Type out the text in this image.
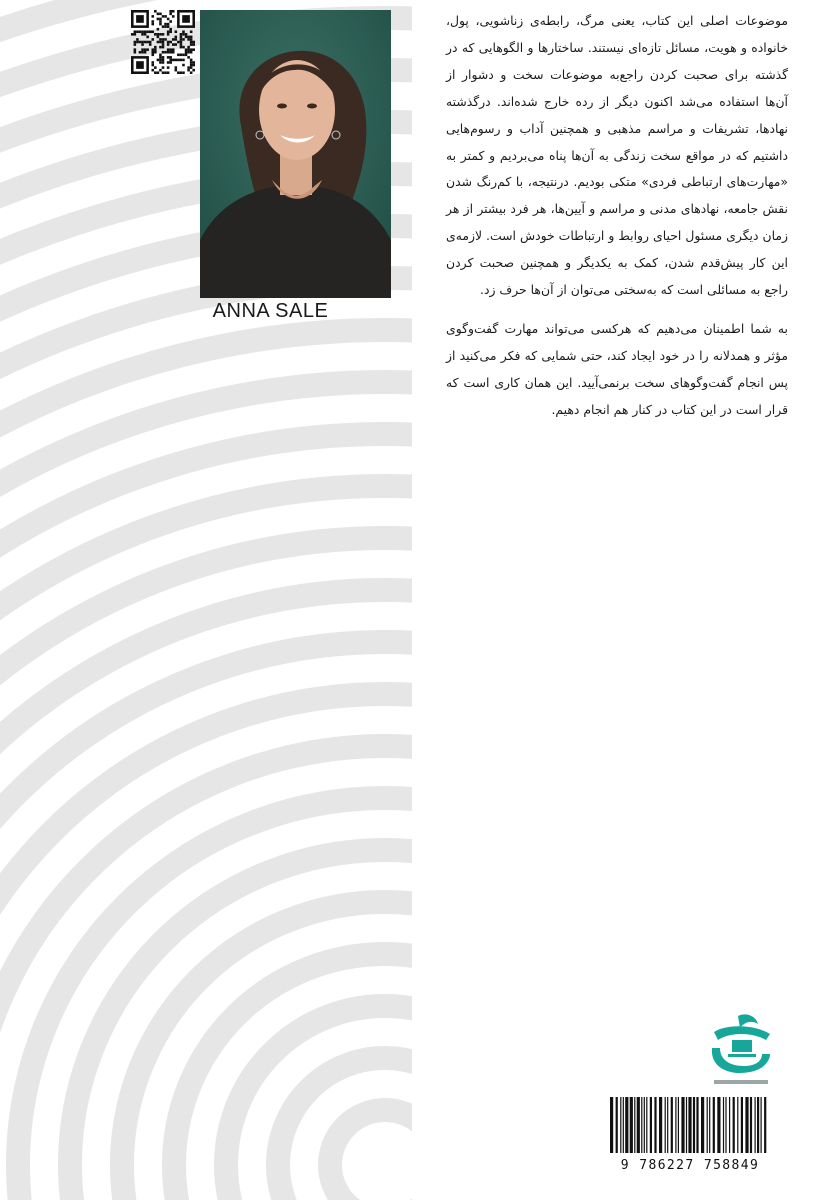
ANNA SALE

موضوعات اصلی این کتاب، یعنی مرگ، رابطه‌ی زناشویی، پول، خانواده و هویت، مسائل تازه‌ای نیستند. ساختارها و الگوهایی که در گذشته برای صحبت کردن راجع‌به موضوعات سخت و دشوار از آن‌ها استفاده می‌شد اکنون دیگر از رده خارج شده‌اند. درگذشته نهادها، تشریفات و مراسم مذهبی و همچنین آداب و رسوم‌هایی داشتیم که در مواقع سخت زندگی به آن‌ها پناه می‌بردیم و کمتر به «مهارت‌های ارتباطی فردی» متکی بودیم. درنتیجه، با کم‌رنگ شدن نقش جامعه، نهادهای مدنی و مراسم و آیین‌ها، هر فرد بیشتر از هر زمان دیگری مسئول احیای روابط و ارتباطات خودش است. لازمه‌ی این کار پیش‌قدم شدن، کمک به یکدیگر و همچنین صحبت کردن راجع به مسائلی است که به‌سختی می‌توان از آن‌ها حرف زد.

به شما اطمینان می‌دهیم که هرکسی می‌تواند مهارت گفت‌وگوی مؤثر و همدلانه را در خود ایجاد کند، حتی شمایی که فکر می‌کنید از پس انجام گفت‌وگوهای سخت برنمی‌آیید. این همان کاری است که قرار است در این کتاب در کنار هم انجام دهیم.

9 786227 758849
